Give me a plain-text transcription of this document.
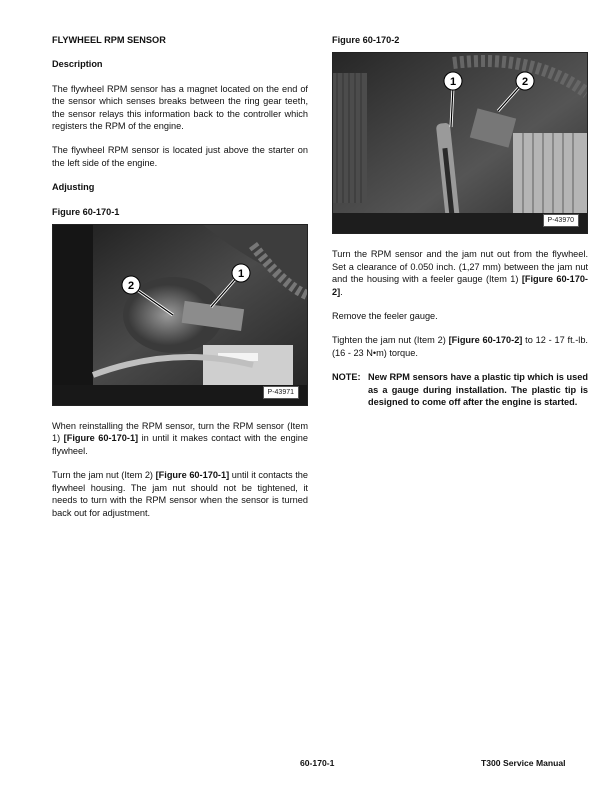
FLYWHEEL RPM SENSOR
Description

The flywheel RPM sensor has a magnet located on the end of the sensor which senses breaks between the ring gear teeth, the sensor relays this information back to the controller which registers the RPM of the engine.

The flywheel RPM sensor is located just above the starter on the left side of the engine.

Adjusting
Figure 60-170-1
2
1
P-43971

When reinstalling the RPM sensor, turn the RPM sensor (Item 1) [Figure 60-170-1] in until it makes contact with the engine flywheel.

Turn the jam nut (Item 2) [Figure 60-170-1] until it contacts the flywheel housing. The jam nut should not be tightened, it needs to turn with the RPM sensor when the sensor is turned back out for adjustment.

Figure 60-170-2
1	2
P-43970

Turn the RPM sensor and the jam nut out from the flywheel. Set a clearance of 0.050 inch. (1,27 mm) between the jam nut and the housing with a feeler gauge (Item 1) [Figure 60-170-2].

Remove the feeler gauge.

Tighten the jam nut (Item 2) [Figure 60-170-2] to 12 - 17 ft.-lb. (16 - 23 N•m) torque.

NOTE: New RPM sensors have a plastic tip which is used as a gauge during installation. The plastic tip is designed to come off after the engine is started.
60-170-1	T300 Service Manual
